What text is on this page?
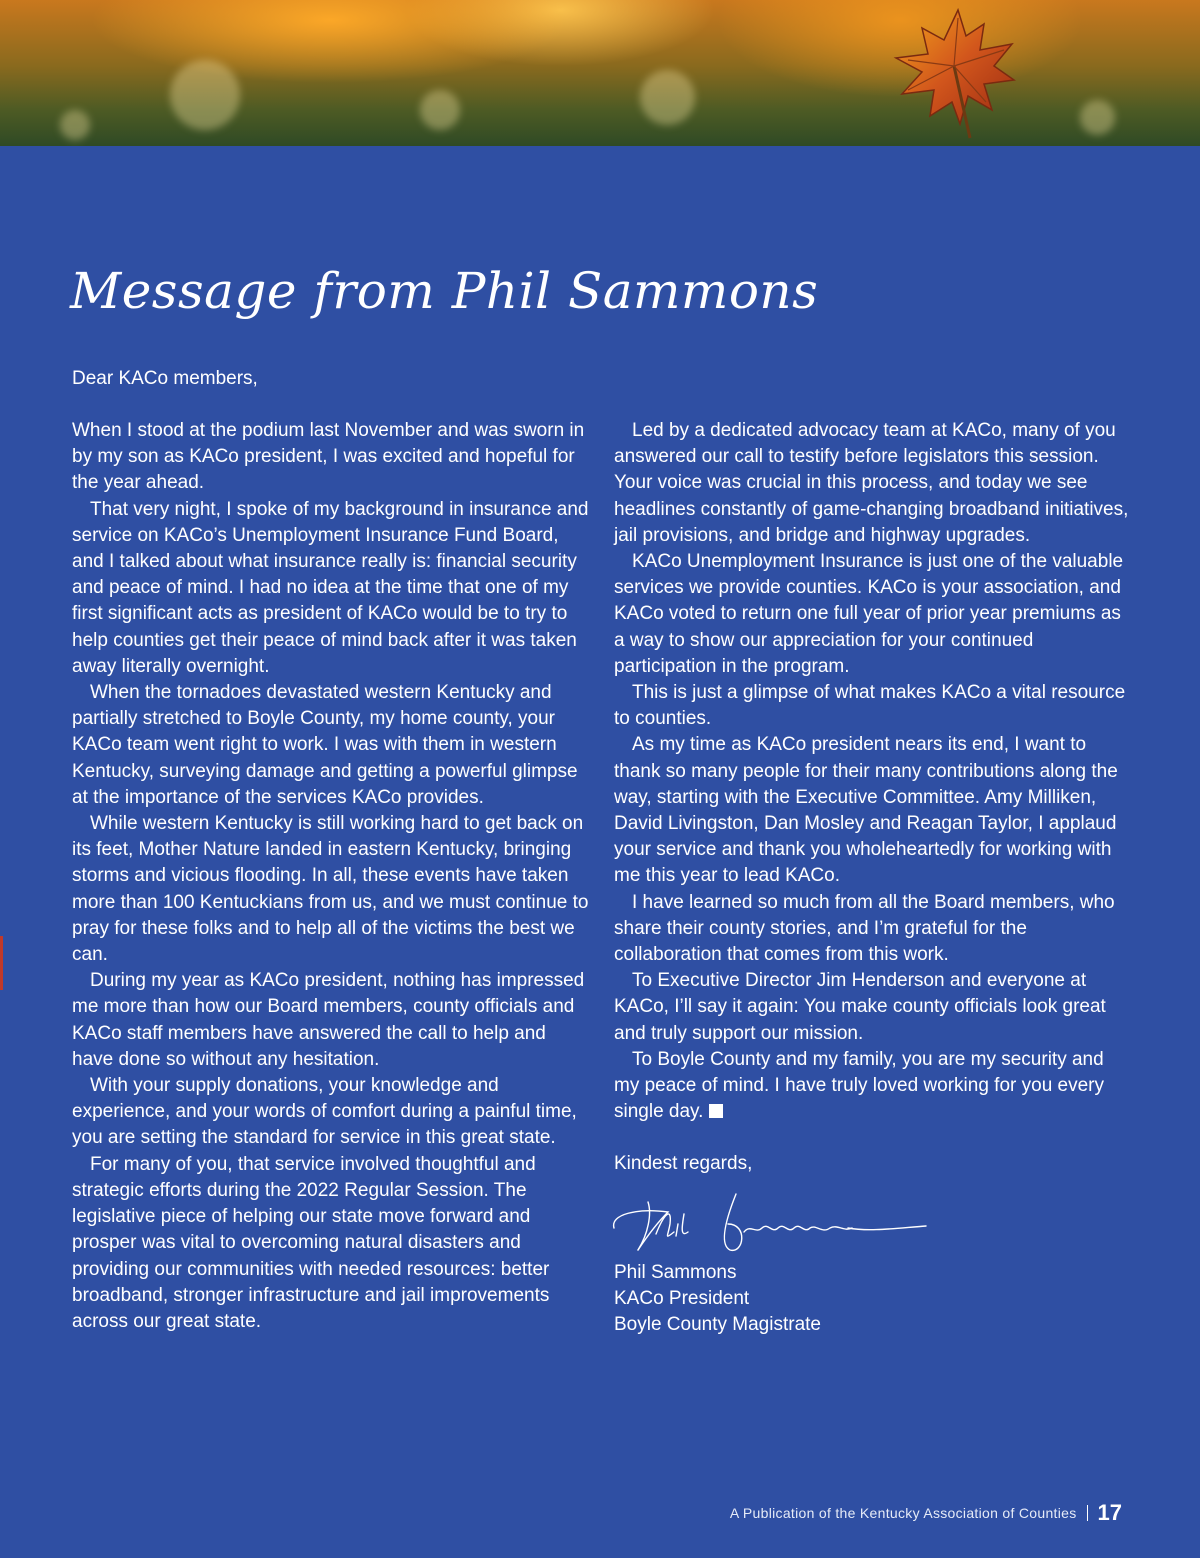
Message from Phil Sammons

Dear KACo members,

When I stood at the podium last November and was sworn in by my son as KACo president, I was excited and hopeful for the year ahead.

That very night, I spoke of my background in insurance and service on KACo’s Unemployment Insurance Fund Board, and I talked about what insurance really is: financial security and peace of mind. I had no idea at the time that one of my first significant acts as president of KACo would be to try to help counties get their peace of mind back after it was taken away literally overnight.

When the tornadoes devastated western Kentucky and partially stretched to Boyle County, my home county, your KACo team went right to work. I was with them in western Kentucky, surveying damage and getting a powerful glimpse at the importance of the services KACo provides.

While western Kentucky is still working hard to get back on its feet, Mother Nature landed in eastern Kentucky, bringing storms and vicious flooding. In all, these events have taken more than 100 Kentuckians from us, and we must continue to pray for these folks and to help all of the victims the best we can.

During my year as KACo president, nothing has impressed me more than how our Board members, county officials and KACo staff members have answered the call to help and have done so without any hesitation.

With your supply donations, your knowledge and experience, and your words of comfort during a painful time, you are setting the standard for service in this great state.

For many of you, that service involved thoughtful and strategic efforts during the 2022 Regular Session. The legislative piece of helping our state move forward and prosper was vital to overcoming natural disasters and providing our communities with needed resources: better broadband, stronger infrastructure and jail improvements across our great state.

Led by a dedicated advocacy team at KACo, many of you answered our call to testify before legislators this session. Your voice was crucial in this process, and today we see headlines constantly of game-changing broadband initiatives, jail provisions, and bridge and highway upgrades.

KACo Unemployment Insurance is just one of the valuable services we provide counties. KACo is your association, and KACo voted to return one full year of prior year premiums as a way to show our appreciation for your continued participation in the program.

This is just a glimpse of what makes KACo a vital resource to counties.

As my time as KACo president nears its end, I want to thank so many people for their many contributions along the way, starting with the Executive Committee. Amy Milliken, David Livingston, Dan Mosley and Reagan Taylor, I applaud your service and thank you wholeheartedly for working with me this year to lead KACo.

I have learned so much from all the Board members, who share their county stories, and I’m grateful for the collaboration that comes from this work.

To Executive Director Jim Henderson and everyone at KACo, I’ll say it again: You make county officials look great and truly support our mission.

To Boyle County and my family, you are my security and my peace of mind. I have truly loved working for you every single day.

Kindest regards,

Phil Sammons

KACo President

Boyle County Magistrate

A Publication of the Kentucky Association of Counties 17
